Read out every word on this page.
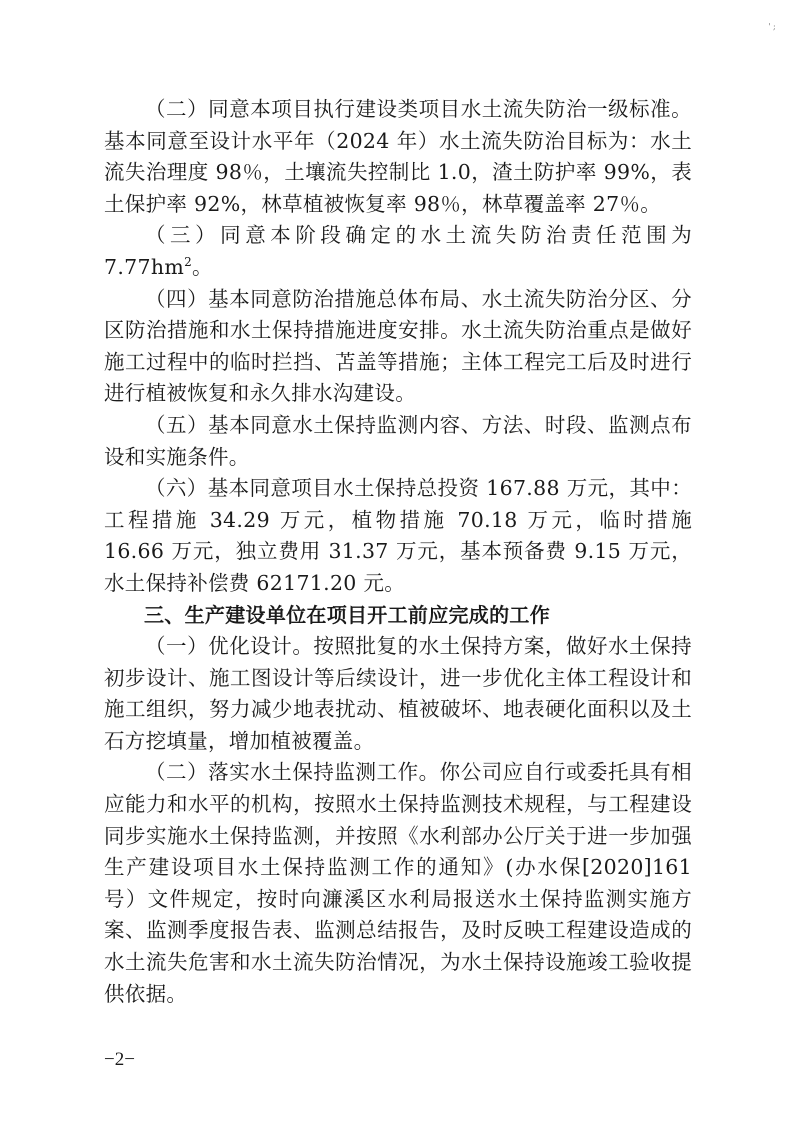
' ;

（二）同意本项目执行建设类项目水土流失防治一级标准。基本同意至设计水平年（2024 年）水土流失防治目标为：水土流失治理度 98％，土壤流失控制比 1.0，渣土防护率 99%，表土保护率 92%，林草植被恢复率 98％，林草覆盖率 27％。

（三）同意本阶段确定的水土流失防治责任范围为 $7.77hm^2$。

（四）基本同意防治措施总体布局、水土流失防治分区、分区防治措施和水土保持措施进度安排。水土流失防治重点是做好施工过程中的临时拦挡、苫盖等措施；主体工程完工后及时进行进行植被恢复和永久排水沟建设。

（五）基本同意水土保持监测内容、方法、时段、监测点布设和实施条件。

（六）基本同意项目水土保持总投资 167.88 万元，其中：工程措施 34.29 万元，植物措施 70.18 万元，临时措施 16.66 万元，独立费用 31.37 万元，基本预备费 9.15 万元，水土保持补偿费 62171.20 元。

三、生产建设单位在项目开工前应完成的工作

（一）优化设计。按照批复的水土保持方案，做好水土保持初步设计、施工图设计等后续设计，进一步优化主体工程设计和施工组织，努力减少地表扰动、植被破坏、地表硬化面积以及土石方挖填量，增加植被覆盖。

（二）落实水土保持监测工作。你公司应自行或委托具有相应能力和水平的机构，按照水土保持监测技术规程，与工程建设同步实施水土保持监测，并按照《水利部办公厅关于进一步加强生产建设项目水土保持监测工作的通知》(办水保[2020]161 号）文件规定，按时向濂溪区水利局报送水土保持监测实施方案、监测季度报告表、监测总结报告，及时反映工程建设造成的水土流失危害和水土流失防治情况，为水土保持设施竣工验收提供依据。

−2−
